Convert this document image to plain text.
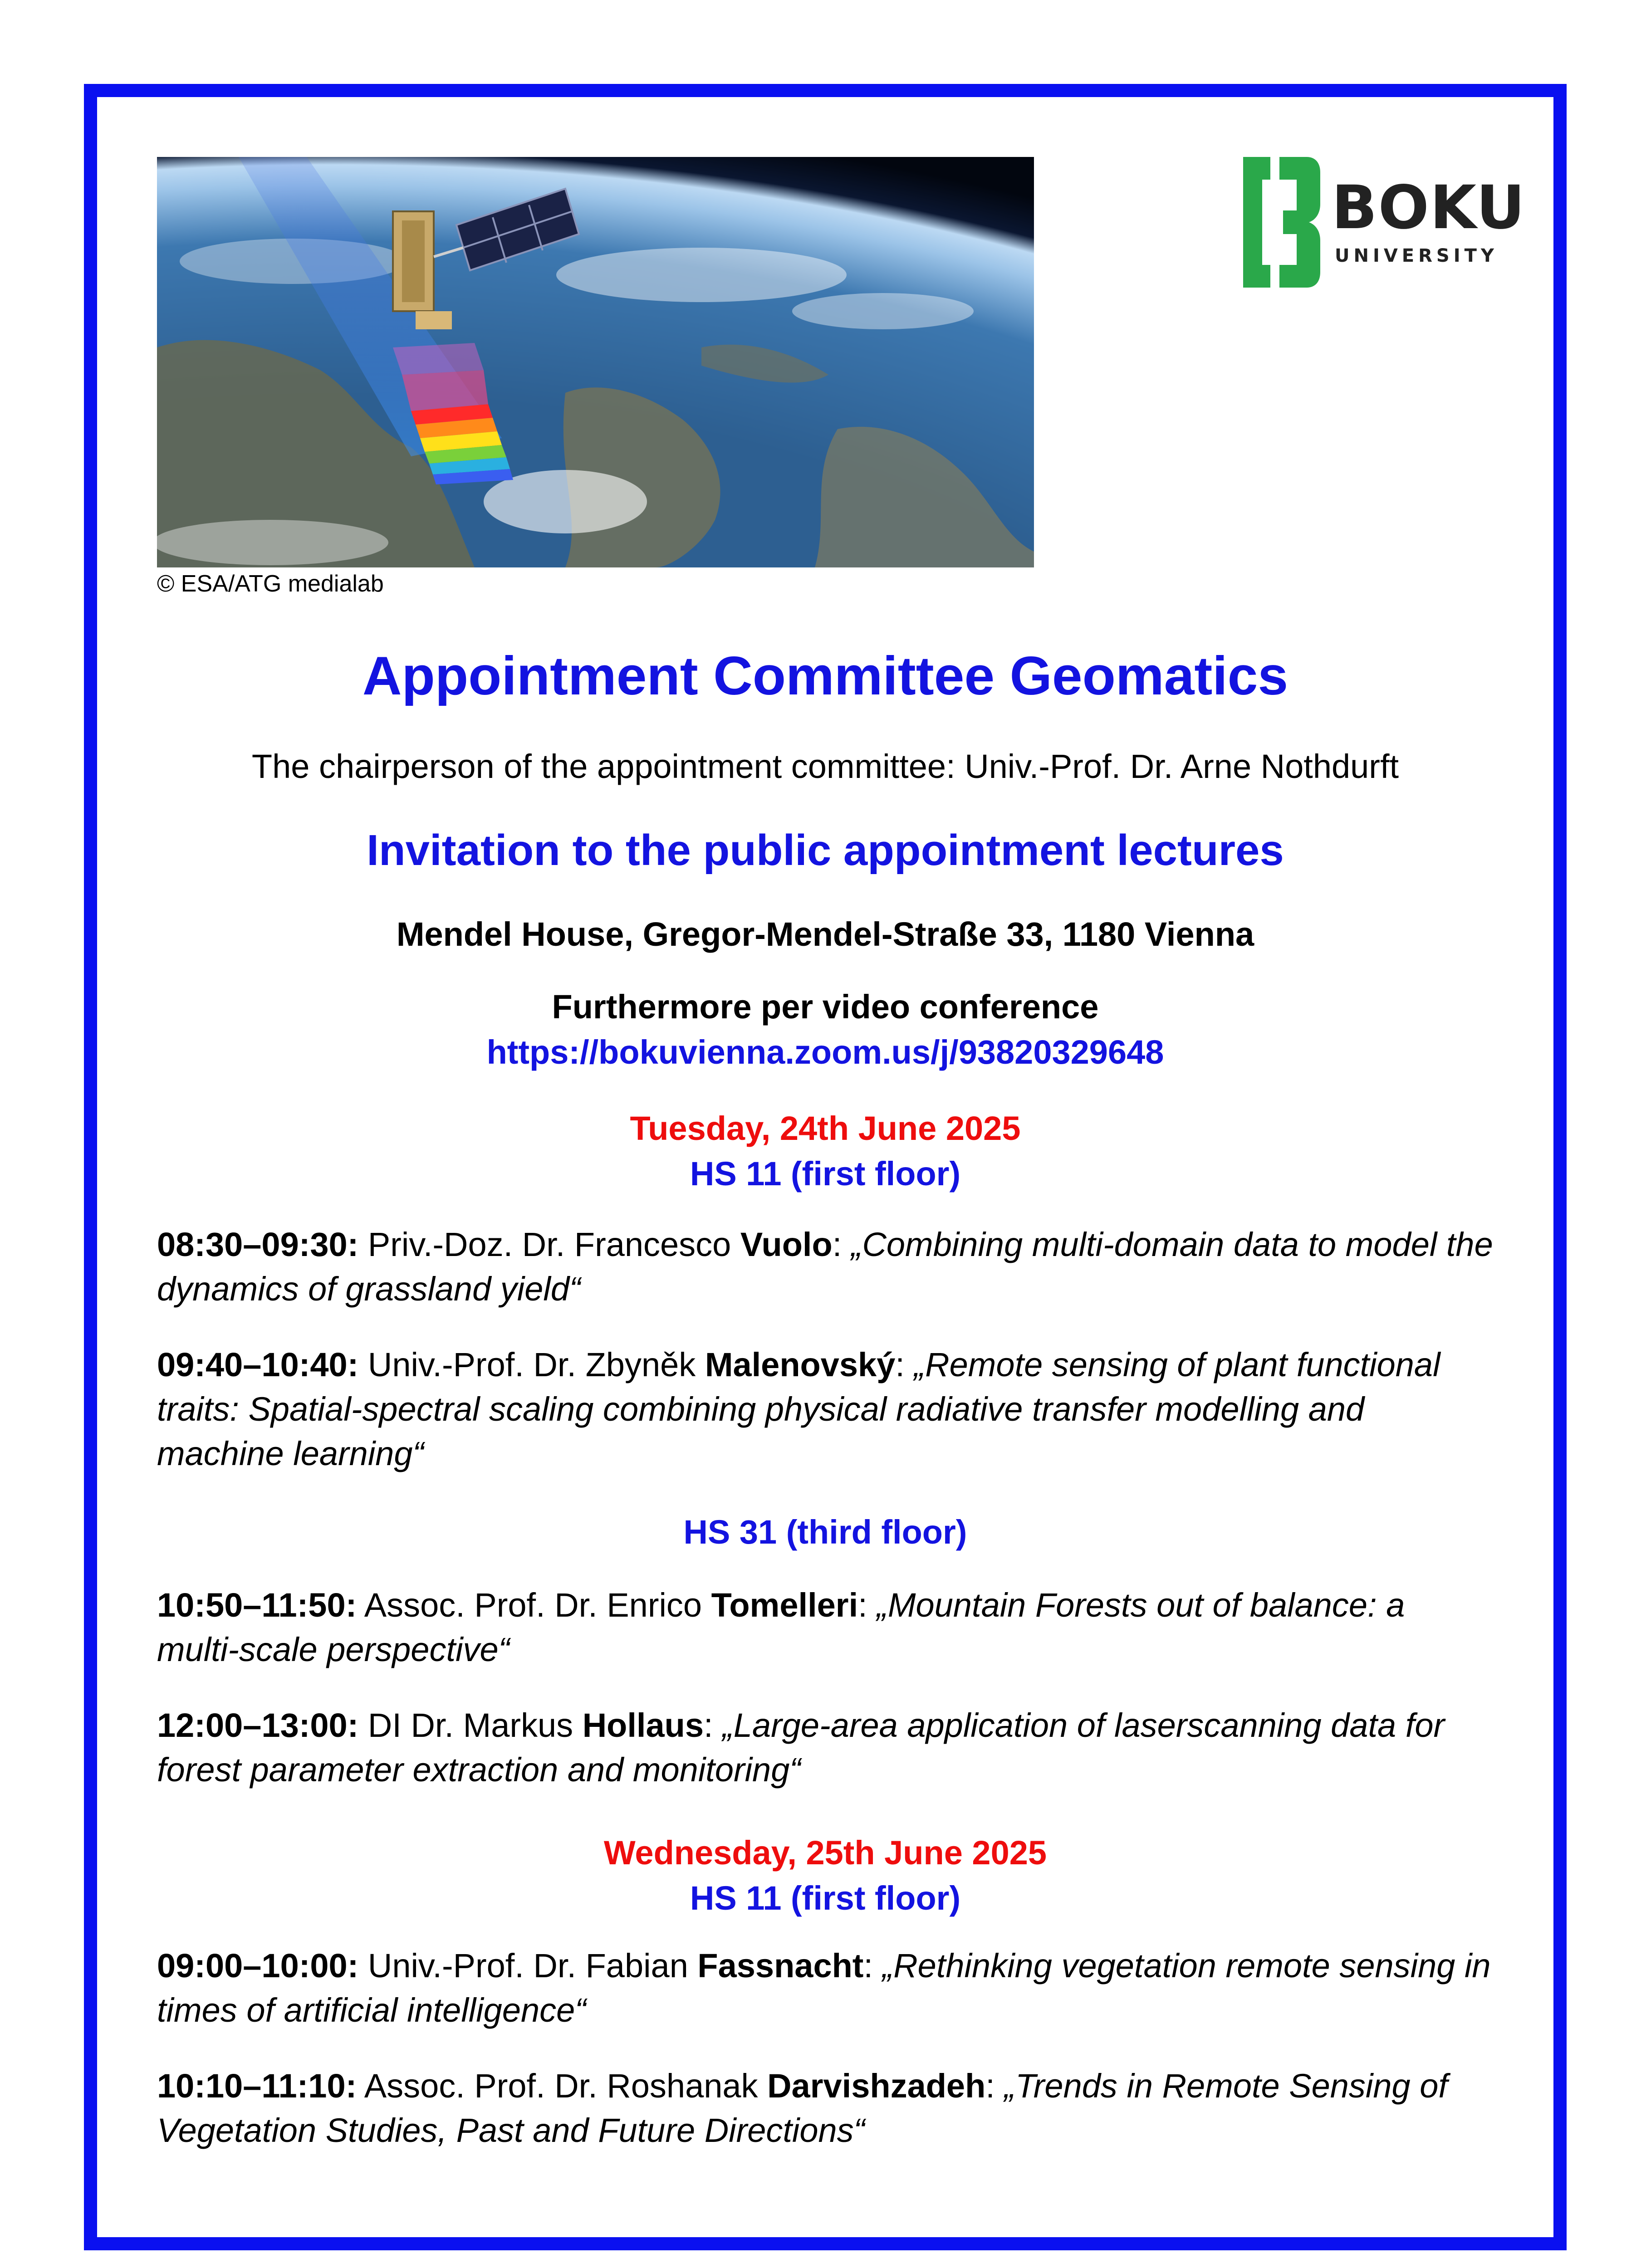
© ESA/ATG medialab
BOKU
UNIVERSITY
Appointment Committee Geomatics
The chairperson of the appointment committee: Univ.-Prof. Dr. Arne Nothdurft
Invitation to the public appointment lectures
Mendel House, Gregor-Mendel-Straße 33, 1180 Vienna
Furthermore per video conference
https://bokuvienna.zoom.us/j/93820329648
Tuesday, 24th June 2025
HS 11 (first floor)
08:30–09:30: Priv.-Doz. Dr. Francesco Vuolo: „Combining multi-domain data to model the dynamics of grassland yield“
09:40–10:40: Univ.-Prof. Dr. Zbyněk Malenovský: „Remote sensing of plant functional traits: Spatial-spectral scaling combining physical radiative transfer modelling and machine learning“
HS 31 (third floor)
10:50–11:50: Assoc. Prof. Dr. Enrico Tomelleri: „Mountain Forests out of balance: a multi-scale perspective“
12:00–13:00: DI Dr. Markus Hollaus: „Large-area application of laserscanning data for forest parameter extraction and monitoring“
Wednesday, 25th June 2025
HS 11 (first floor)
09:00–10:00: Univ.-Prof. Dr. Fabian Fassnacht: „Rethinking vegetation remote sensing in times of artificial intelligence“
10:10–11:10: Assoc. Prof. Dr. Roshanak Darvishzadeh: „Trends in Remote Sensing of Vegetation Studies, Past and Future Directions“
